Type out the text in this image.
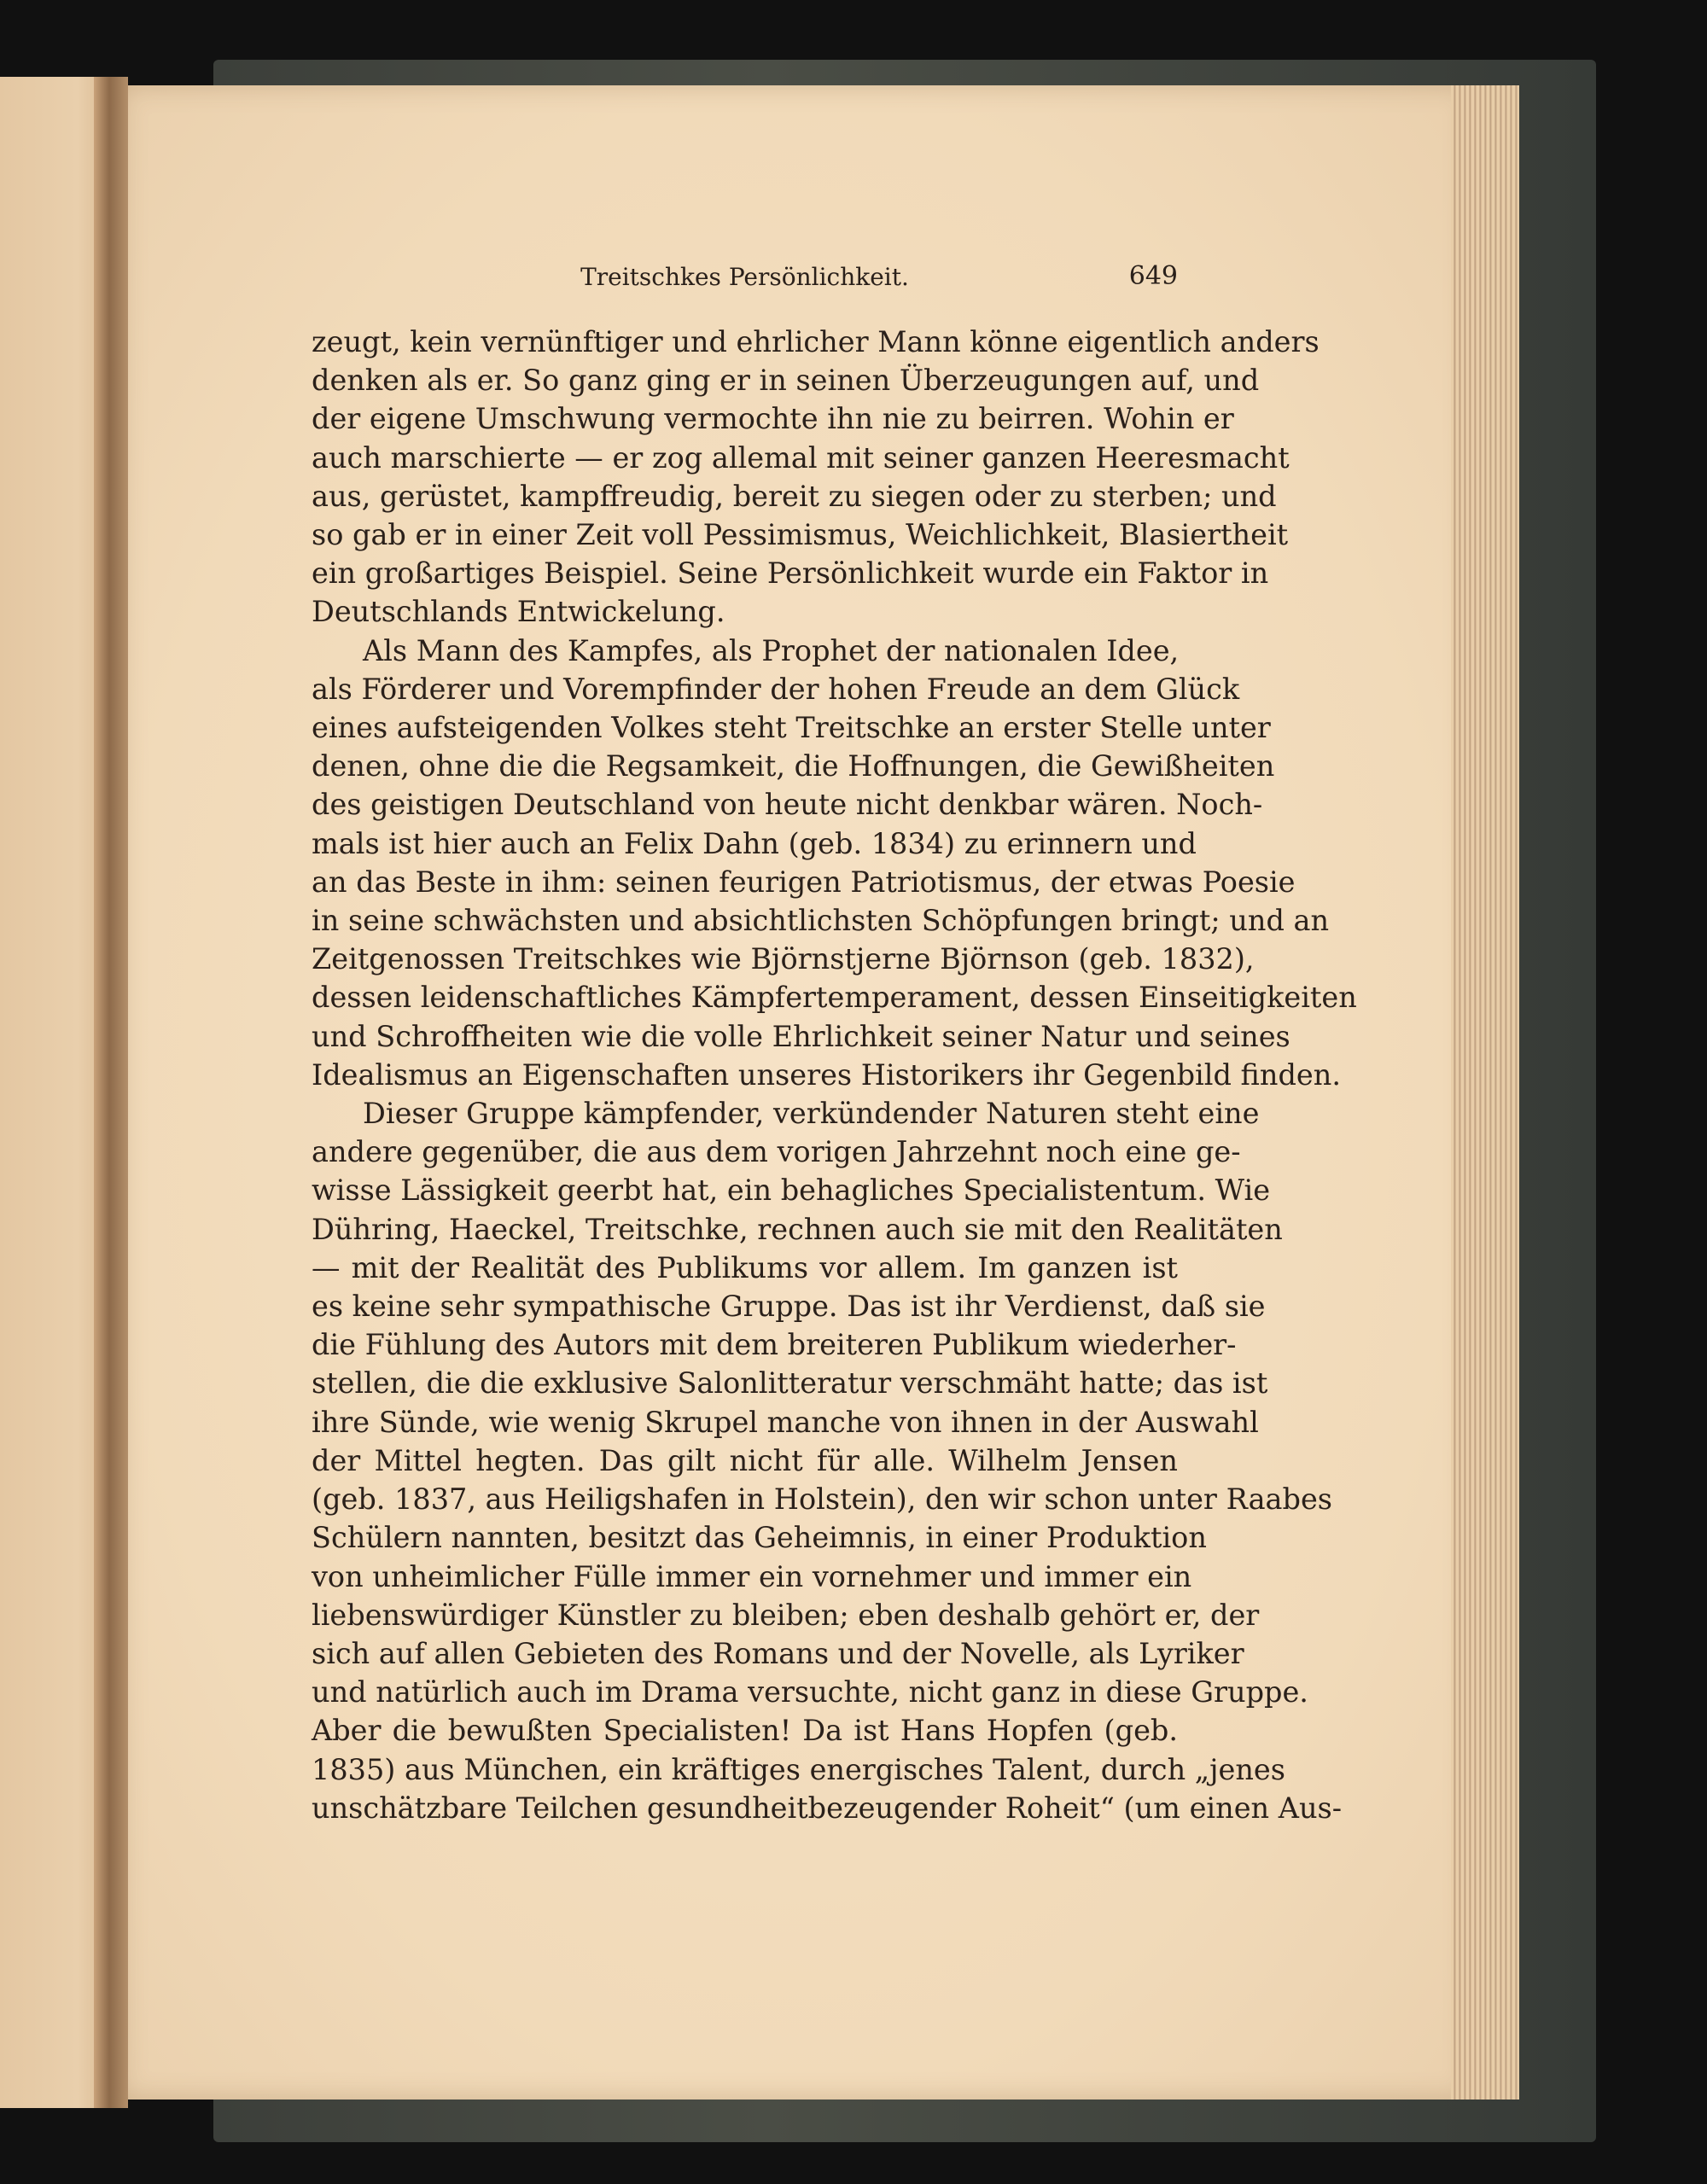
Treitschkes Persönlichkeit.	649

zeugt, kein vernünftiger und ehrlicher Mann könne eigentlich anders
denken als er. So ganz ging er in seinen Überzeugungen auf, und
der eigene Umschwung vermochte ihn nie zu beirren. Wohin er
auch marschierte — er zog allemal mit seiner ganzen Heeresmacht
aus, gerüstet, kampffreudig, bereit zu siegen oder zu sterben; und
so gab er in einer Zeit voll Pessimismus, Weichlichkeit, Blasiertheit
ein großartiges Beispiel. Seine Persönlichkeit wurde ein Faktor in
Deutschlands Entwickelung.

Als Mann des Kampfes, als Prophet der nationalen Idee,
als Förderer und Vorempfinder der hohen Freude an dem Glück
eines aufsteigenden Volkes steht Treitschke an erster Stelle unter
denen, ohne die die Regsamkeit, die Hoffnungen, die Gewißheiten
des geistigen Deutschland von heute nicht denkbar wären. Noch-
mals ist hier auch an Felix Dahn (geb. 1834) zu erinnern und
an das Beste in ihm: seinen feurigen Patriotismus, der etwas Poesie
in seine schwächsten und absichtlichsten Schöpfungen bringt; und an
Zeitgenossen Treitschkes wie Björnstjerne Björnson (geb. 1832),
dessen leidenschaftliches Kämpfertemperament, dessen Einseitigkeiten
und Schroffheiten wie die volle Ehrlichkeit seiner Natur und seines
Idealismus an Eigenschaften unseres Historikers ihr Gegenbild finden.

Dieser Gruppe kämpfender, verkündender Naturen steht eine
andere gegenüber, die aus dem vorigen Jahrzehnt noch eine ge-
wisse Lässigkeit geerbt hat, ein behagliches Specialistentum. Wie
Dühring, Haeckel, Treitschke, rechnen auch sie mit den Realitäten
— mit der Realität des Publikums vor allem. Im ganzen ist
es keine sehr sympathische Gruppe. Das ist ihr Verdienst, daß sie
die Fühlung des Autors mit dem breiteren Publikum wiederher-
stellen, die die exklusive Salonlitteratur verschmäht hatte; das ist
ihre Sünde, wie wenig Skrupel manche von ihnen in der Auswahl
der Mittel hegten. Das gilt nicht für alle. Wilhelm Jensen
(geb. 1837, aus Heiligshafen in Holstein), den wir schon unter Raabes
Schülern nannten, besitzt das Geheimnis, in einer Produktion
von unheimlicher Fülle immer ein vornehmer und immer ein
liebenswürdiger Künstler zu bleiben; eben deshalb gehört er, der
sich auf allen Gebieten des Romans und der Novelle, als Lyriker
und natürlich auch im Drama versuchte, nicht ganz in diese Gruppe.
Aber die bewußten Specialisten! Da ist Hans Hopfen (geb.
1835) aus München, ein kräftiges energisches Talent, durch „jenes
unschätzbare Teilchen gesundheitbezeugender Roheit“ (um einen Aus-
